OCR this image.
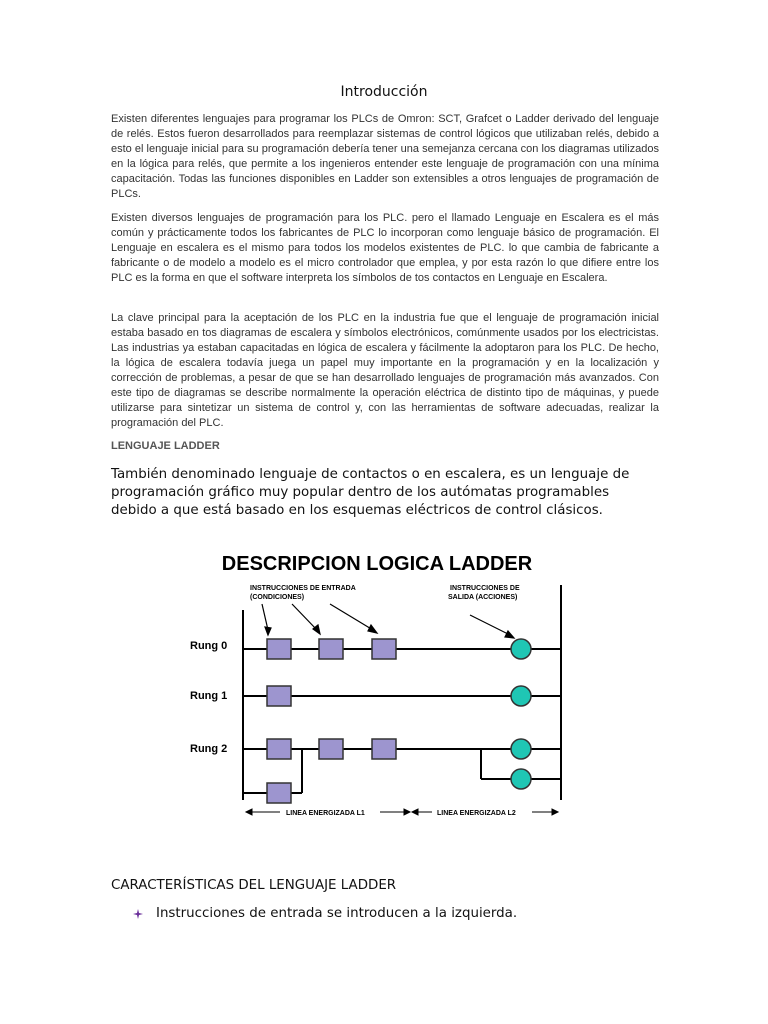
Introducción

Existen diferentes lenguajes para programar los PLCs de Omron: SCT, Grafcet o Ladder derivado del lenguaje de relés. Estos fueron desarrollados para reemplazar sistemas de control lógicos que utilizaban relés, debido a esto el lenguaje inicial para su programación debería tener una semejanza cercana con los diagramas utilizados en la lógica para relés, que permite a los ingenieros entender este lenguaje de programación con una mínima capacitación. Todas las funciones disponibles en Ladder son extensibles a otros lenguajes de programación de PLCs.

Existen diversos lenguajes de programación para los PLC. pero el llamado Lenguaje en Escalera es el más común y prácticamente todos los fabricantes de PLC lo incorporan como lenguaje básico de programación. El Lenguaje en escalera es el mismo para todos los modelos existentes de PLC. lo que cambia de fabricante a fabricante o de modelo a modelo es el micro controlador que emplea, y por esta razón lo que difiere entre los PLC es la forma en que el software interpreta los símbolos de tos contactos en Lenguaje en Escalera.

La clave principal para la aceptación de los PLC en la industria fue que el lenguaje de programación inicial estaba basado en tos diagramas de escalera y símbolos electrónicos, comúnmente usados por los electricistas. Las industrias ya estaban capacitadas en lógica de escalera y fácilmente la adoptaron para los PLC. De hecho, la lógica de escalera todavía juega un papel muy importante en la programación y en la localización y corrección de problemas, a pesar de que se han desarrollado lenguajes de programación más avanzados. Con este tipo de diagramas se describe normalmente la operación eléctrica de distinto tipo de máquinas, y puede utilizarse para sintetizar un sistema de control y, con las herramientas de software adecuadas, realizar la programación del PLC.

LENGUAJE LADDER

También denominado lenguaje de contactos o en escalera, es un lenguaje de programación gráfico muy popular dentro de los autómatas programables debido a que está basado en los esquemas eléctricos de control clásicos.

DESCRIPCION LOGICA LADDER
INSTRUCCIONES DE ENTRADA
(CONDICIONES)
INSTRUCCIONES DE
SALIDA (ACCIONES)
Rung 0
Rung 1
Rung 2
LINEA ENERGIZADA L1	LINEA ENERGIZADA L2

CARACTERÍSTICAS DEL LENGUAJE LADDER

Instrucciones de entrada se introducen a la izquierda.
